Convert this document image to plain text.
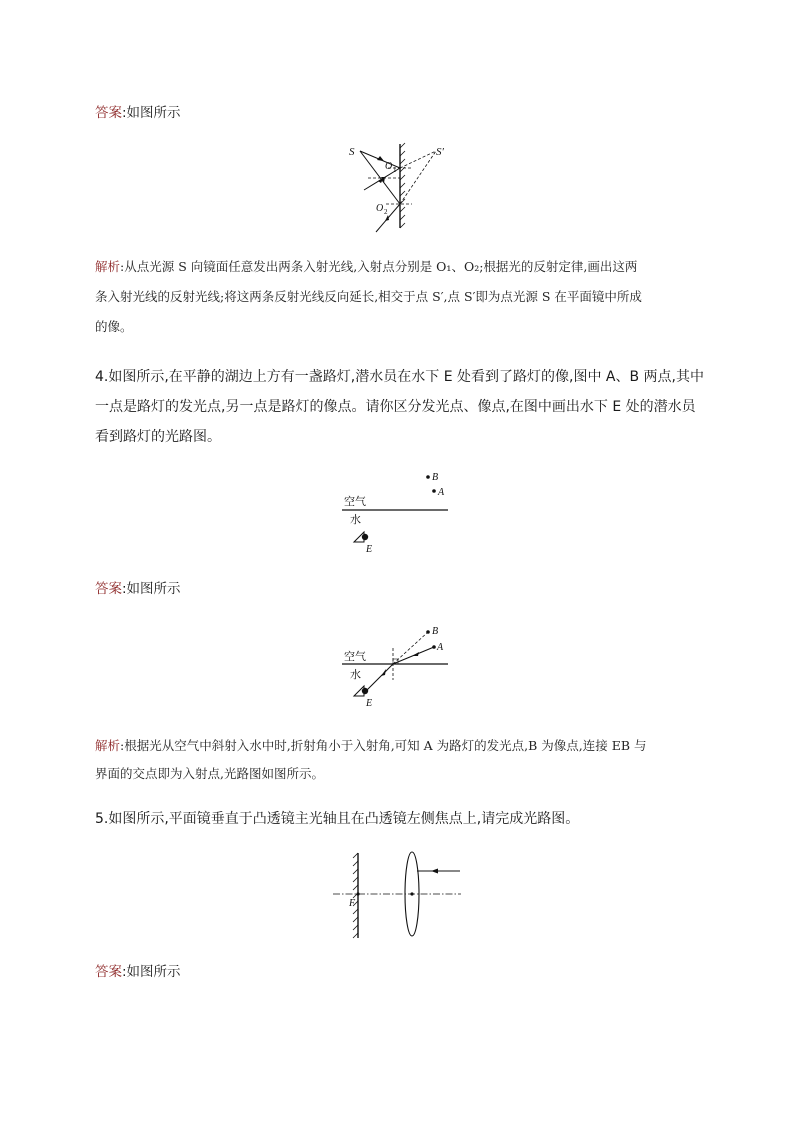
答案:如图所示
S	S′
O 1
O 2
解析:从点光源 S 向镜面任意发出两条入射光线,入射点分别是 O₁、O₂;根据光的反射定律,画出这两
条入射光线的反射光线;将这两条反射光线反向延长,相交于点 S′,点 S′即为点光源 S 在平面镜中所成
的像。
4.如图所示,在平静的湖边上方有一盏路灯,潜水员在水下 E 处看到了路灯的像,图中 A、B 两点,其中
一点是路灯的发光点,另一点是路灯的像点。请你区分发光点、像点,在图中画出水下 E 处的潜水员
看到路灯的光路图。
空气
水
B
A
E
答案:如图所示
空气
水
B
A
E
解析:根据光从空气中斜射入水中时,折射角小于入射角,可知 A 为路灯的发光点,B 为像点,连接 EB 与
界面的交点即为入射点,光路图如图所示。
5.如图所示,平面镜垂直于凸透镜主光轴且在凸透镜左侧焦点上,请完成光路图。
F
答案:如图所示
